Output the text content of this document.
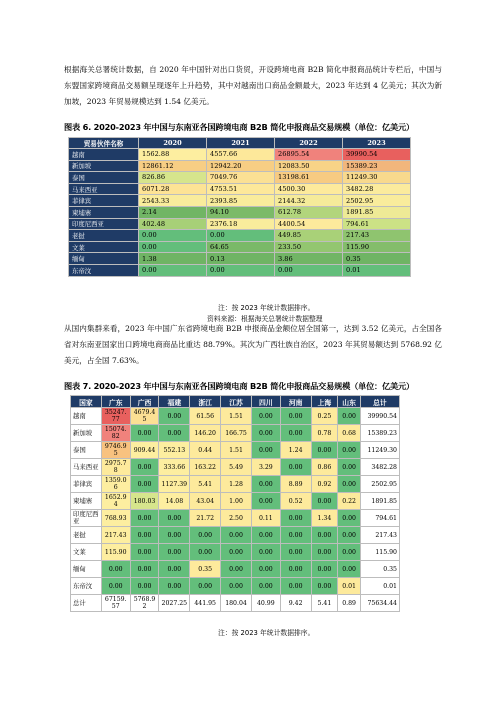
根据海关总署统计数据，自 2020 年中国针对出口货贸，开设跨境电商 B2B 简化申报商品统计专栏后，中国与东盟国家跨境商品交易额呈现逐年上升趋势，其中对越南出口商品金额最大，2023 年达到 4 亿美元；其次为新加坡，2023 年贸易规模达到 1.54 亿美元。

图表 6. 2020-2023 年中国与东南亚各国跨境电商 B2B 简化申报商品交易规模（单位：亿美元）
贸易伙伴名称	2020	2021	2022	2023
越南	1562.88	4557.66	26895.54	39990.54
新加坡	12861.12	12942.20	12083.50	15389.23
泰国	826.86	7049.76	13198.61	11249.30
马来西亚	6071.28	4753.51	4500.30	3482.28
菲律宾	2543.33	2393.85	2144.32	2502.95
柬埔寨	2.14	94.10	612.78	1891.85
印度尼西亚	402.48	2376.18	4400.54	794.61
老挝	0.00	0.00	449.85	217.43
文莱	0.00	64.65	233.50	115.90
缅甸	1.38	0.13	3.86	0.35
东帝汶	0.00	0.00	0.00	0.01
注：按 2023 年统计数据排序。
资料来源：根据海关总署统计数据整理

从国内集群来看，2023 年中国广东省跨境电商 B2B 申报商品金额位居全国第一，达到 3.52 亿美元，占全国各省对东南亚国家出口跨境电商商品比重达 88.79%。其次为广西壮族自治区，2023 年其贸易额达到 5768.92 亿美元，占全国 7.63%。

图表 7. 2020-2023 年中国与东南亚各国跨境电商 B2B 简化申报商品交易规模（单位：亿美元）
国家	广东	广西	福建	浙江	江苏	四川	河南	上海	山东	总计
越南	35247.77	4679.45	0.00	61.56	1.51	0.00	0.00	0.25	0.00	39990.54
新加坡	15074.82	0.00	0.00	146.20	166.75	0.00	0.00	0.78	0.68	15389.23
泰国	9746.95	909.44	552.13	0.44	1.51	0.00	1.24	0.00	0.00	11249.30
马来西亚	2975.78	0.00	333.66	163.22	5.49	3.29	0.00	0.86	0.00	3482.28
菲律宾	1359.06	0.00	1127.39	5.41	1.28	0.00	8.89	0.92	0.00	2502.95
柬埔寨	1652.94	180.03	14.08	43.04	1.00	0.00	0.52	0.00	0.22	1891.85
印度尼西亚	768.93	0.00	0.00	21.72	2.50	0.11	0.00	1.34	0.00	794.61
老挝	217.43	0.00	0.00	0.00	0.00	0.00	0.00	0.00	0.00	217.43
文莱	115.90	0.00	0.00	0.00	0.00	0.00	0.00	0.00	0.00	115.90
缅甸	0.00	0.00	0.00	0.35	0.00	0.00	0.00	0.00	0.00	0.35
东帝汶	0.00	0.00	0.00	0.00	0.00	0.00	0.00	0.00	0.01	0.01
总计	67159.57	5768.92	2027.25	441.95	180.04	40.99	9.42	5.41	0.89	75634.44
注：按 2023 年统计数据排序。
